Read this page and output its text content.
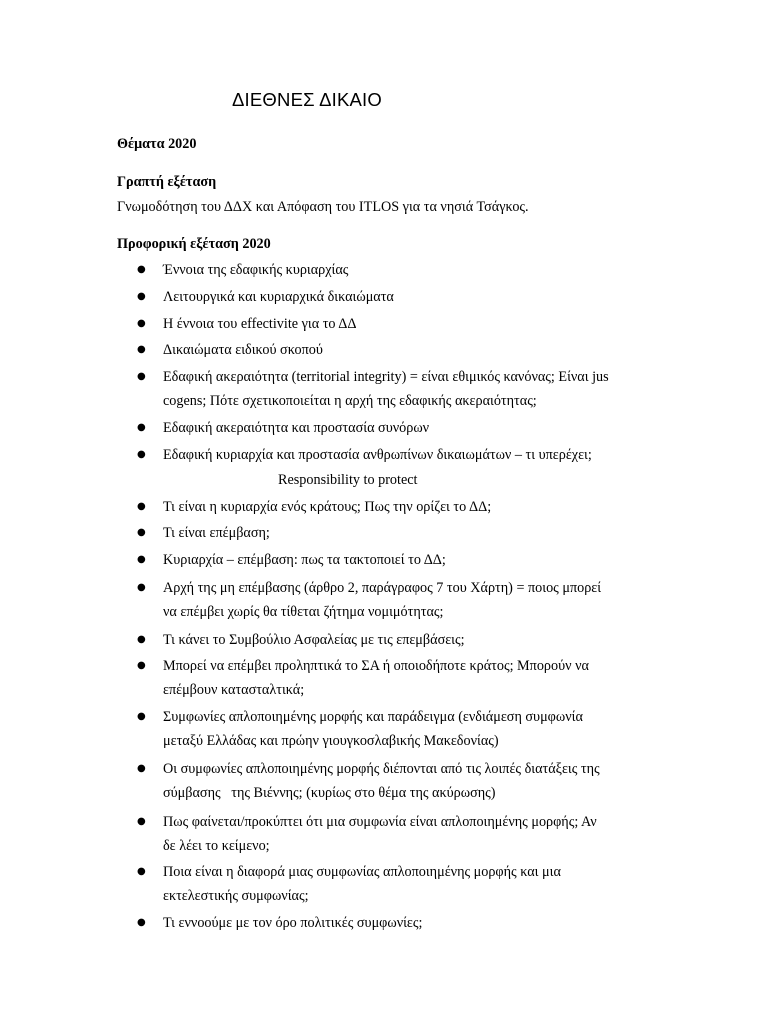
ΔΙΕΘΝΕΣ ΔΙΚΑΙΟ
Θέματα 2020
Γραπτή εξέταση
Γνωμοδότηση του ΔΔΧ και Απόφαση του ITLOS για τα νησιά Τσάγκος.
Προφορική εξέταση 2020
●	Έννοια της εδαφικής κυριαρχίας
●	Λειτουργικά και κυριαρχικά δικαιώματα
●	Η έννοια του effectivite για το ΔΔ
●	Δικαιώματα ειδικού σκοπού
●	Εδαφική ακεραιότητα (territorial integrity) = είναι εθιμικός κανόνας; Είναι jus
cogens; Πότε σχετικοποιείται η αρχή της εδαφικής ακεραιότητας;
●	Εδαφική ακεραιότητα και προστασία συνόρων
●	Εδαφική κυριαρχία και προστασία ανθρωπίνων δικαιωμάτων – τι υπερέχει;
●	Τι είναι η κυριαρχία ενός κράτους; Πως την ορίζει το ΔΔ;
●	Τι είναι επέμβαση;
●	Κυριαρχία – επέμβαση: πως τα τακτοποιεί το ΔΔ;
●	Αρχή της μη επέμβασης (άρθρο 2, παράγραφος 7 του Χάρτη) = ποιος μπορεί
να επέμβει χωρίς θα τίθεται ζήτημα νομιμότητας;
●	Τι κάνει το Συμβούλιο Ασφαλείας με τις επεμβάσεις;
●	Μπορεί να επέμβει προληπτικά το ΣΑ ή οποιοδήποτε κράτος; Μπορούν να
επέμβουν κατασταλτικά;
●	Συμφωνίες απλοποιημένης μορφής και παράδειγμα (ενδιάμεση συμφωνία
μεταξύ Ελλάδας και πρώην γιουγκοσλαβικής Μακεδονίας)
●	Οι συμφωνίες απλοποιημένης μορφής διέπονται από τις λοιπές διατάξεις της
σύμβασης   της Βιέννης; (κυρίως στο θέμα της ακύρωσης)
●	Πως φαίνεται/προκύπτει ότι μια συμφωνία είναι απλοποιημένης μορφής; Αν
δε λέει το κείμενο;
●	Ποια είναι η διαφορά μιας συμφωνίας απλοποιημένης μορφής και μια
εκτελεστικής συμφωνίας;
●	Τι εννοούμε με τον όρο πολιτικές συμφωνίες;
Responsibility to protect
